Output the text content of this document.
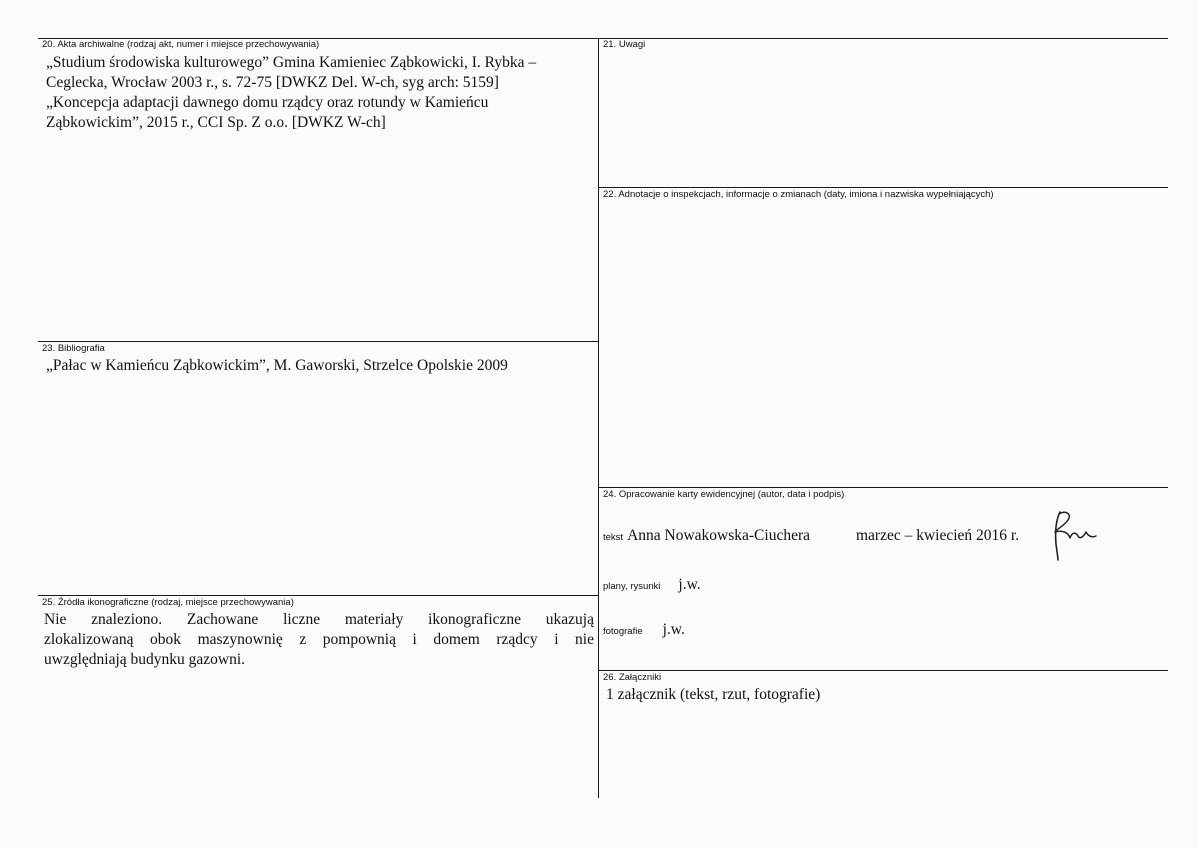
20. Akta archiwalne (rodzaj akt, numer i miejsce przechowywania)
„Studium środowiska kulturowego” Gmina Kamieniec Ząbkowicki, I. Rybka –
Ceglecka, Wrocław 2003 r., s. 72-75 [DWKZ Del. W-ch, syg arch: 5159]
„Koncepcja adaptacji dawnego domu rządcy oraz rotundy w Kamieńcu
Ząbkowickim”, 2015 r., CCI Sp. Z o.o. [DWKZ W-ch]
21. Uwagi
22. Adnotacje o inspekcjach, informacje o zmianach (daty, imiona i nazwiska wypełniających)
23. Bibliografia
„Pałac w Kamieńcu Ząbkowickim”, M. Gaworski, Strzelce Opolskie 2009
24. Opracowanie karty ewidencyjnej (autor, data i podpis)
tekst Anna Nowakowska-Ciuchera	marzec – kwiecień 2016 r.
plany, rysunki j.w.
fotografie j.w.
25. Źródła ikonograficzne (rodzaj, miejsce przechowywania)
Nie znaleziono. Zachowane liczne materiały ikonograficzne ukazują
zlokalizowaną obok maszynownię z pompownią i domem rządcy i nie
uwzględniają budynku gazowni.
26. Załączniki
1 załącznik (tekst, rzut, fotografie)
